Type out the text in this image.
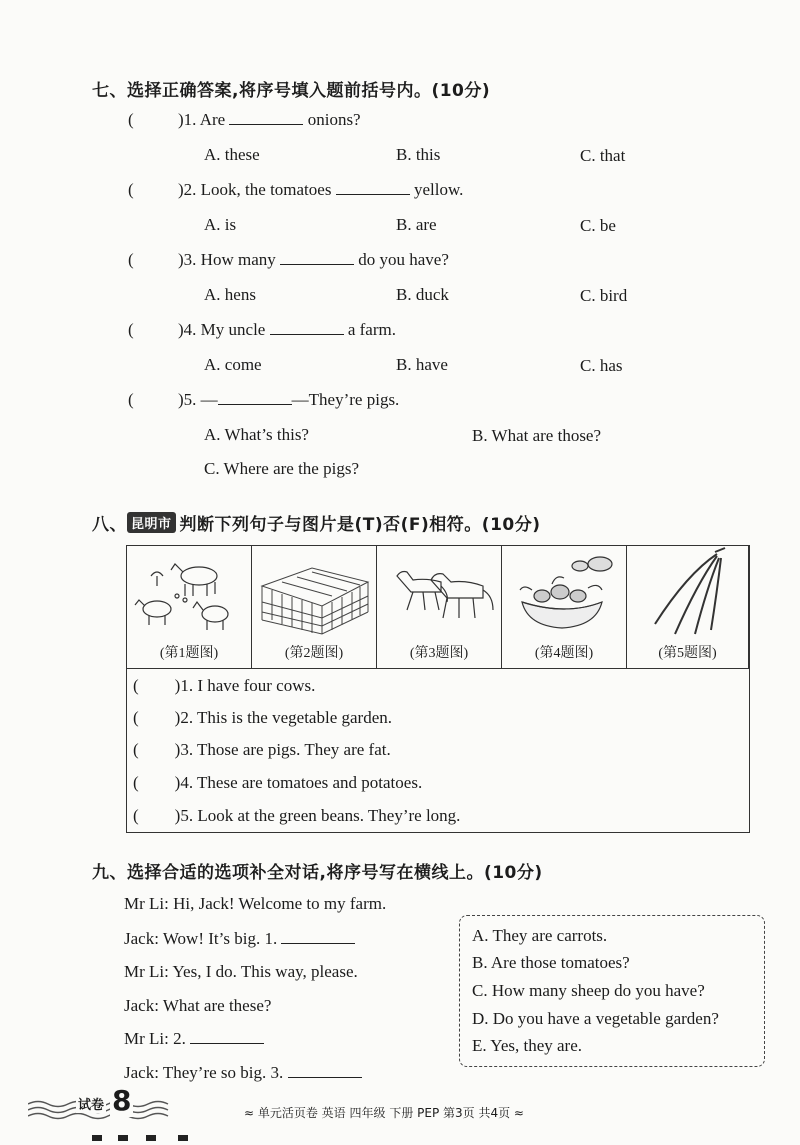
七、选择正确答案,将序号填入题前括号内。(10分)
(	)1. Are	onions?
A. these	B. this	C. that
(	)2. Look, the tomatoes	yellow.
A. is	B. are	C. be
(	)3. How many	do you have?
A. hens	B. duck	C. bird
(	)4. My uncle	a farm.
A. come	B. have	C. has
(	)5. —	—They’re pigs.
A. What’s this?	B. What are those?
C. Where are the pigs?
八、 昆明市 判断下列句子与图片是(T)否(F)相符。(10分)
(第1题图)	(第2题图)	(第3题图)	(第4题图)	(第5题图)
( )1. I have four cows.
( )2. This is the vegetable garden.
( )3. Those are pigs. They are fat.
( )4. These are tomatoes and potatoes.
( )5. Look at the green beans. They’re long.
九、选择合适的选项补全对话,将序号写在横线上。(10分)
Mr Li: Hi, Jack! Welcome to my farm.
Jack: Wow! It’s big. 1.
Mr Li: Yes, I do. This way, please.
Jack: What are these?
Mr Li: 2.
Jack: They’re so big. 3.
A. They are carrots.
B. Are those tomatoes?
C. How many sheep do you have?
D. Do you have a vegetable garden?
E. Yes, they are.
试卷 8	≈ 单元活页卷 英语 四年级 下册 PEP 第3页 共4页 ≈
